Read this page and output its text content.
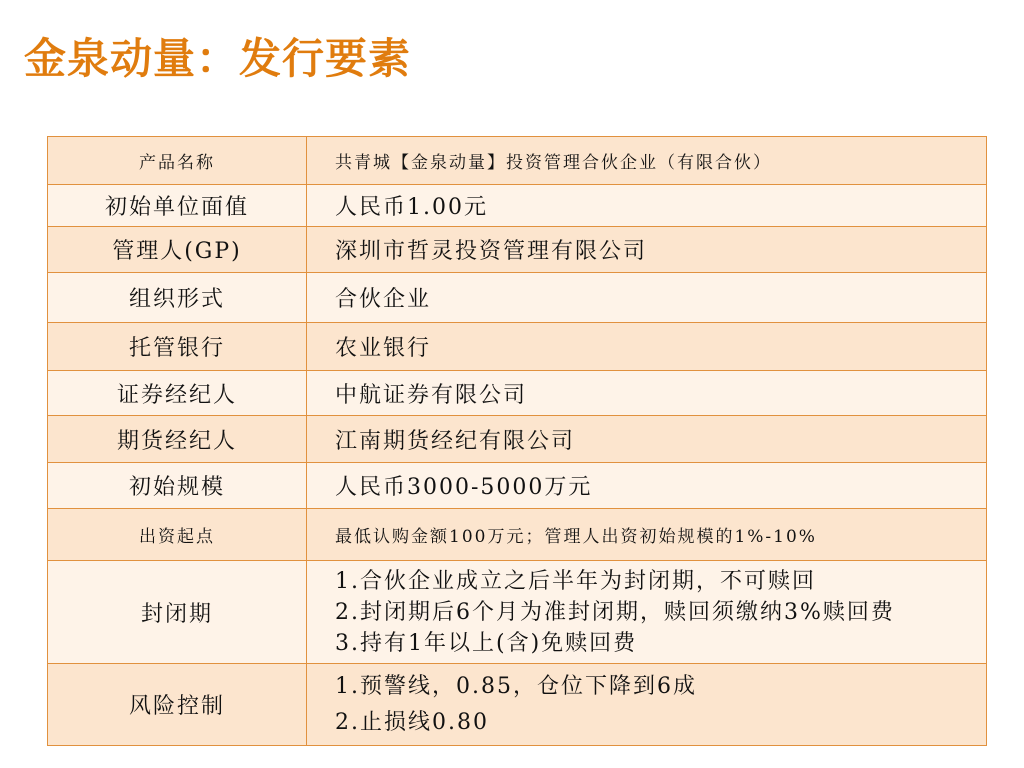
金泉动量：发行要素
产品名称	共青城【金泉动量】投资管理合伙企业（有限合伙）
初始单位面值	人民币1.00元
管理人(GP)	深圳市哲灵投资管理有限公司
组织形式	合伙企业
托管银行	农业银行
证券经纪人	中航证券有限公司
期货经纪人	江南期货经纪有限公司
初始规模	人民币3000-5000万元
出资起点	最低认购金额100万元；管理人出资初始规模的1%-10%
封闭期	1.合伙企业成立之后半年为封闭期，不可赎回
2.封闭期后6个月为准封闭期，赎回须缴纳3%赎回费
3.持有1年以上(含)免赎回费

风险控制	1.预警线，0.85，仓位下降到6成
2.止损线0.80
